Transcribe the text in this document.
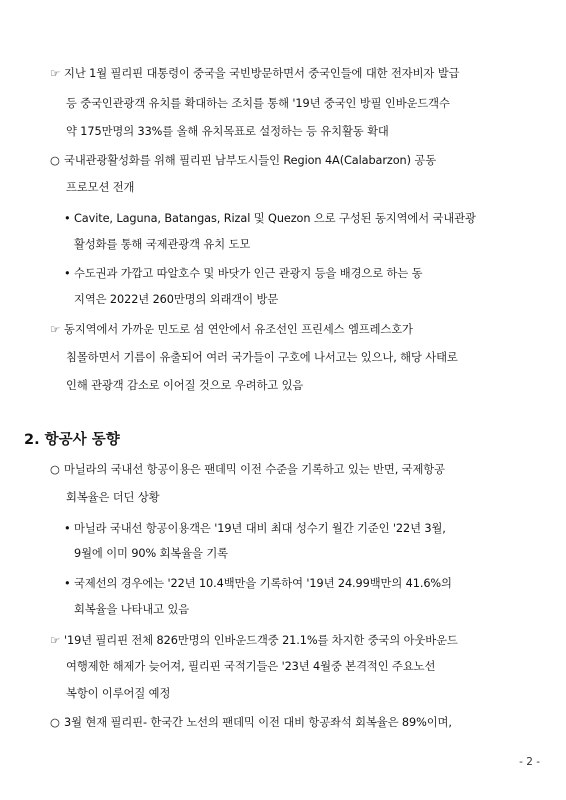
☞ 지난 1월 필리핀 대통령이 중국을 국빈방문하면서 중국인들에 대한 전자비자 발급
등 중국인관광객 유치를 확대하는 조치를 통해 '19년 중국인 방필 인바운드객수
약 175만명의 33%를 올해 유치목표로 설정하는 등 유치활동 확대
○ 국내관광활성화를 위해 필리핀 남부도시들인 Region 4A(Calabarzon) 공동
프로모션 전개
• Cavite, Laguna, Batangas, Rizal 및 Quezon 으로 구성된 동지역에서 국내관광
활성화를 통해 국제관광객 유치 도모
• 수도권과 가깝고 따알호수 및 바닷가 인근 관광지 등을 배경으로 하는 동
지역은 2022년 260만명의 외래객이 방문
☞ 동지역에서 가까운 민도로 섬 연안에서 유조선인 프린세스 엠프레스호가
침몰하면서 기름이 유출되어 여러 국가들이 구호에 나서고는 있으나, 해당 사태로
인해 관광객 감소로 이어질 것으로 우려하고 있음
2. 항공사 동향
○ 마닐라의 국내선 항공이용은 팬데믹 이전 수준을 기록하고 있는 반면, 국제항공
회복율은 더딘 상황
• 마닐라 국내선 항공이용객은 '19년 대비 최대 성수기 월간 기준인 '22년 3월,
9월에 이미 90% 회복율을 기록
• 국제선의 경우에는 '22년 10.4백만을 기록하여 '19년 24.99백만의 41.6%의
회복율을 나타내고 있음
☞ '19년 필리핀 전체 826만명의 인바운드객중 21.1%를 차지한 중국의 아웃바운드
여행제한 해제가 늦어져, 필리핀 국적기들은 '23년 4월중 본격적인 주요노선
복항이 이루어질 예정
○ 3월 현재 필리핀- 한국간 노선의 팬데믹 이전 대비 항공좌석 회복율은 89%이며,
- 2 -
